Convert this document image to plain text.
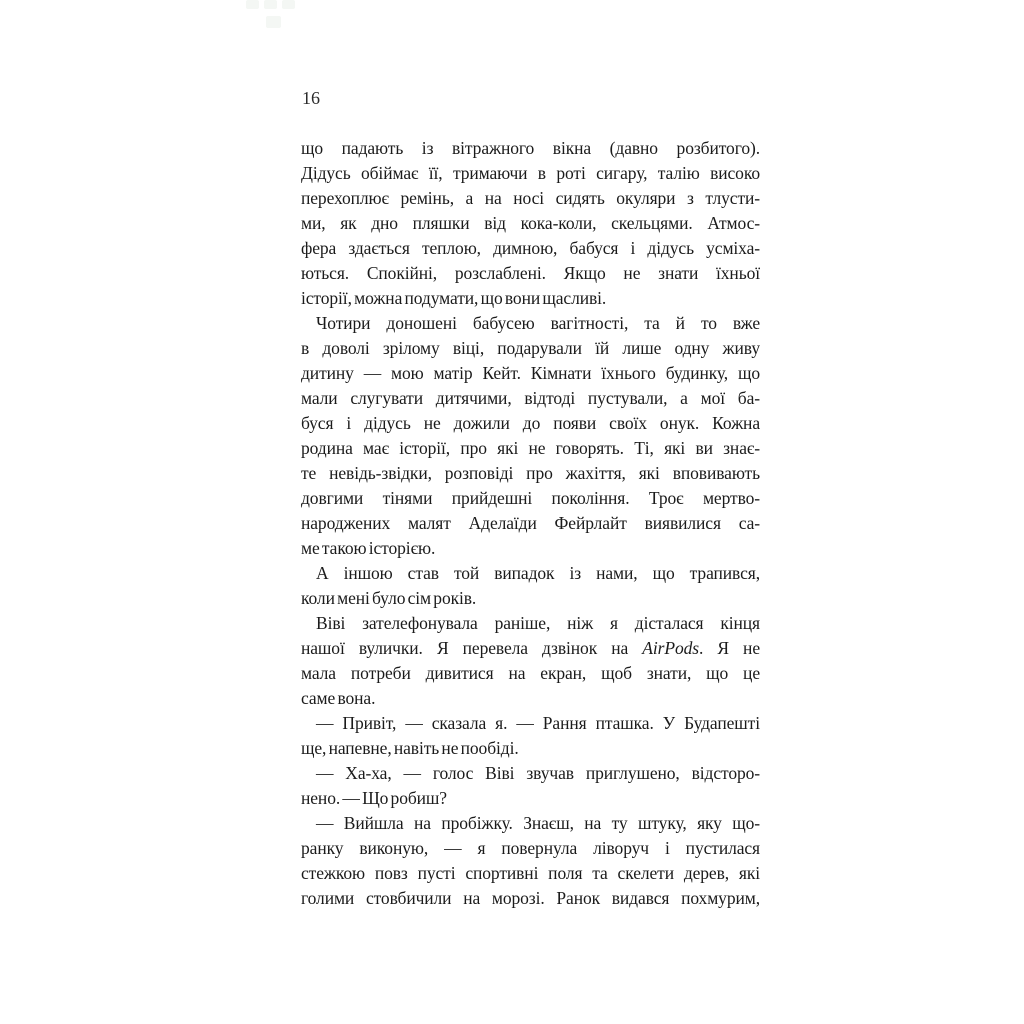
16
що падають із вітражного вікна (давно розбитого).
Дідусь обіймає її, тримаючи в роті сигару, талію високо
перехоплює ремінь, а на носі сидять окуляри з тлусти-
ми, як дно пляшки від кока-коли, скельцями. Атмос-
фера здається теплою, димною, бабуся і дідусь усміха-
ються. Спокійні, розслаблені. Якщо не знати їхньої
історії, можна подумати, що вони щасливі.
Чотири доношені бабусею вагітності, та й то вже
в доволі зрілому віці, подарували їй лише одну живу
дитину — мою матір Кейт. Кімнати їхнього будинку, що
мали слугувати дитячими, відтоді пустували, а мої ба-
буся і дідусь не дожили до появи своїх онук. Кожна
родина має історії, про які не говорять. Ті, які ви знає-
те невідь-звідки, розповіді про жахіття, які вповивають
довгими тінями прийдешні покоління. Троє мертво-
народжених малят Аделаїди Фейрлайт виявилися са-
ме такою історією.
А іншою став той випадок із нами, що трапився,
коли мені було сім років.
Віві зателефонувала раніше, ніж я дісталася кінця
нашої вулички. Я перевела дзвінок на AirPods. Я не
мала потреби дивитися на екран, щоб знати, що це
саме вона.
— Привіт, — сказала я. — Рання пташка. У Будапешті
ще, напевне, навіть не пообіді.
— Ха-ха, — голос Віві звучав приглушено, відсторо-
нено. — Що робиш?
— Вийшла на пробіжку. Знаєш, на ту штуку, яку що-
ранку виконую, — я повернула ліворуч і пустилася
стежкою повз пусті спортивні поля та скелети дерев, які
голими стовбичили на морозі. Ранок видався похмурим,
